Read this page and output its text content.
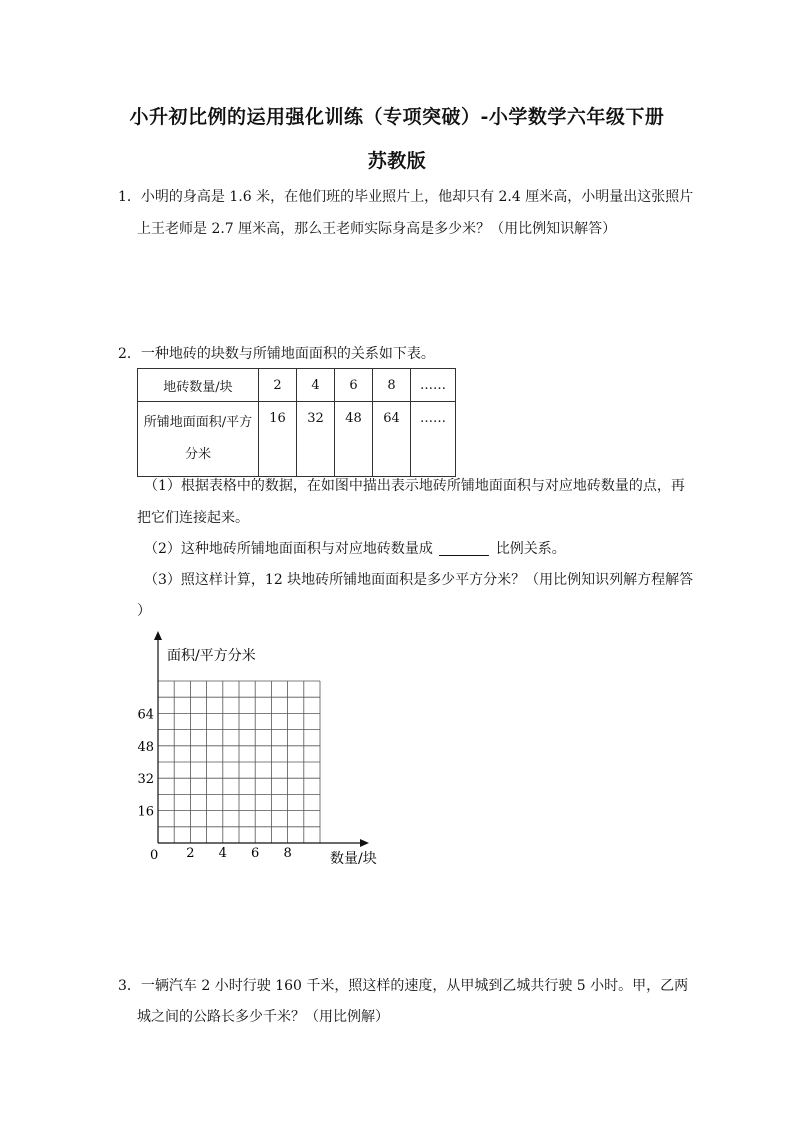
小升初比例的运用强化训练（专项突破）-小学数学六年级下册
苏教版
1．小明的身高是 1.6 米，在他们班的毕业照片上，他却只有 2.4 厘米高，小明量出这张照片
上王老师是 2.7 厘米高，那么王老师实际身高是多少米？（用比例知识解答）
2．一种地砖的块数与所铺地面面积的关系如下表。
地砖数量/块	2	4	6	8	……

所铺地面面积/平方
分米	16	32	48	64	……
（1）根据表格中的数据，在如图中描出表示地砖所铺地面面积与对应地砖数量的点，再
把它们连接起来。
（2）这种地砖所铺地面面积与对应地砖数量成	比例关系。
（3）照这样计算，12 块地砖所铺地面面积是多少平方分米？（用比例知识列解方程解答
）
面积/平方分米
数量/块
0 2 4 6 8
16
32
48
64
3．一辆汽车 2 小时行驶 160 千米，照这样的速度，从甲城到乙城共行驶 5 小时。甲，乙两
城之间的公路长多少千米？（用比例解）
